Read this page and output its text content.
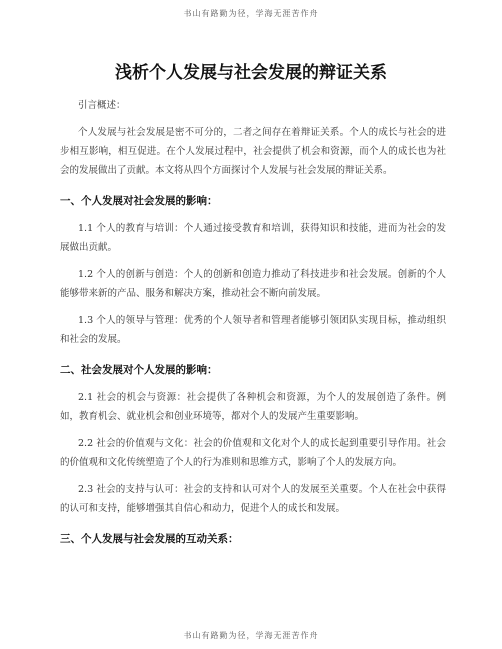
书山有路勤为径，学海无涯苦作舟
浅析个人发展与社会发展的辩证关系

引言概述：

个人发展与社会发展是密不可分的，二者之间存在着辩证关系。个人的成长与社会的进步相互影响，相互促进。在个人发展过程中，社会提供了机会和资源，而个人的成长也为社会的发展做出了贡献。本文将从四个方面探讨个人发展与社会发展的辩证关系。

一、个人发展对社会发展的影响：

1.1 个人的教育与培训：个人通过接受教育和培训，获得知识和技能，进而为社会的发展做出贡献。

1.2 个人的创新与创造：个人的创新和创造力推动了科技进步和社会发展。创新的个人能够带来新的产品、服务和解决方案，推动社会不断向前发展。

1.3 个人的领导与管理：优秀的个人领导者和管理者能够引领团队实现目标，推动组织和社会的发展。

二、社会发展对个人发展的影响：

2.1 社会的机会与资源：社会提供了各种机会和资源，为个人的发展创造了条件。例如，教育机会、就业机会和创业环境等，都对个人的发展产生重要影响。

2.2 社会的价值观与文化：社会的价值观和文化对个人的成长起到重要引导作用。社会的价值观和文化传统塑造了个人的行为准则和思维方式，影响了个人的发展方向。

2.3 社会的支持与认可：社会的支持和认可对个人的发展至关重要。个人在社会中获得的认可和支持，能够增强其自信心和动力，促进个人的成长和发展。

三、个人发展与社会发展的互动关系：
书山有路勤为径，学海无涯苦作舟
